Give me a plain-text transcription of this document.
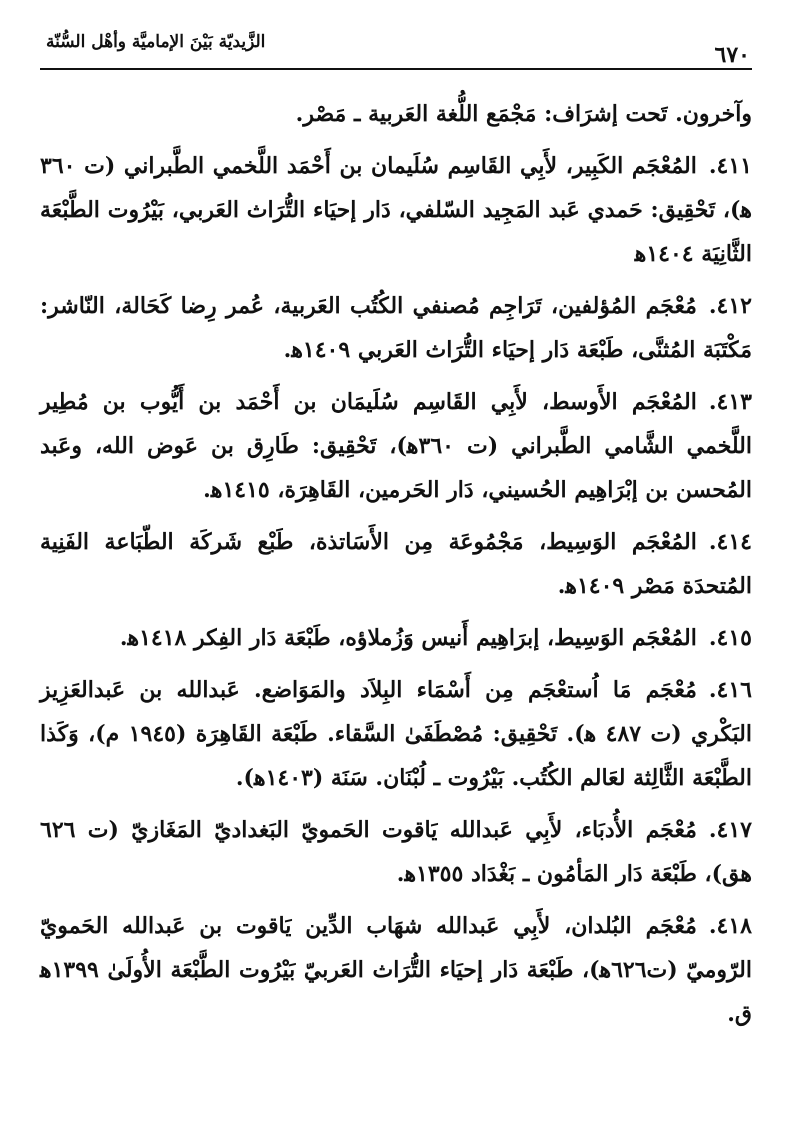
٦٧٠
الزَّيديّة بَيْنَ الإماميَّة وأهْل السُّنّة

وآخرون. تَحت إشرَاف: مَجْمَع اللُّغة العَربية ـ مَصْر.

٤١١.المُعْجَم الكَبِير، لأَبِي القَاسِم سُلَيمان بن أَحْمَد اللَّخمي الطَّبراني (ت ٣٦٠ ﻫ)، تَحْقِيق: حَمدي عَبد المَجِيد السّلفي، دَار إحيَاء التُّرَاث العَربي، بَيْرُوت الطَّبْعَة الثَّانِيَة ١٤٠٤ﻫ

٤١٢.مُعْجَم المُؤلفين، تَرَاجِم مُصنفي الكُتُب العَربية، عُمر رِضا كَحَالة، النّاشر: مَكْتَبَة المُثنَّى، طَبْعَة دَار إحيَاء التُّرَاث العَربي ١٤٠٩ﻫ.

٤١٣.المُعْجَم الأَوسط، لأَبِي القَاسِم سُلَيمَان بن أَحْمَد بن أَيُّوب بن مُطِير اللَّخمي الشَّامي الطَّبراني (ت ٣٦٠ﻫ)، تَحْقِيق: طَارِق بن عَوض الله، وعَبد المُحسن بن إبْرَاهِيم الحُسيني، دَار الحَرمين، القَاهِرَة، ١٤١٥ﻫ.

٤١٤.المُعْجَم الوَسِيط، مَجْمُوعَة مِن الأَسَاتذة، طَبْع شَركَة الطّبَاعة الفَنِية المُتحدَة مَصْر ١٤٠٩ﻫ.

٤١٥.المُعْجَم الوَسِيط، إبرَاهِيم أَنيس وَزُملاؤه، طَبْعَة دَار الفِكر ١٤١٨ﻫ.

٤١٦.مُعْجَم مَا اُستعْجَم مِن أَسْمَاء البِلاَد والمَوَاضع. عَبدالله بن عَبدالعَزِيز البَكْري (ت ٤٨٧ ﻫ). تَحْقِيق: مُصْطَفَىٰ السَّقاء. طَبْعَة القَاهِرَة (١٩٤٥ م)، وَكَذا الطَّبْعَة الثَّالِثة لعَالم الكُتُب. بَيْرُوت ـ لُبْنَان. سَنَة (١٤٠٣ﻫ).

٤١٧.مُعْجَم الأُدبَاء، لأَبِي عَبدالله يَاقوت الحَمويّ البَغداديّ المَغَازيّ (ت ٦٢٦ هق)، طَبْعَة دَار المَأمُون ـ بَغْدَاد ١٣٥٥ﻫ.

٤١٨.مُعْجَم البُلدان، لأَبِي عَبدالله شهَاب الدِّين يَاقوت بن عَبدالله الحَمويّ الرّوميّ (ت٦٢٦ﻫ)، طَبْعَة دَار إحيَاء التُّرَاث العَربيّ بَيْرُوت الطَّبْعَة الأُولَىٰ ١٣٩٩ﻫ ق.
